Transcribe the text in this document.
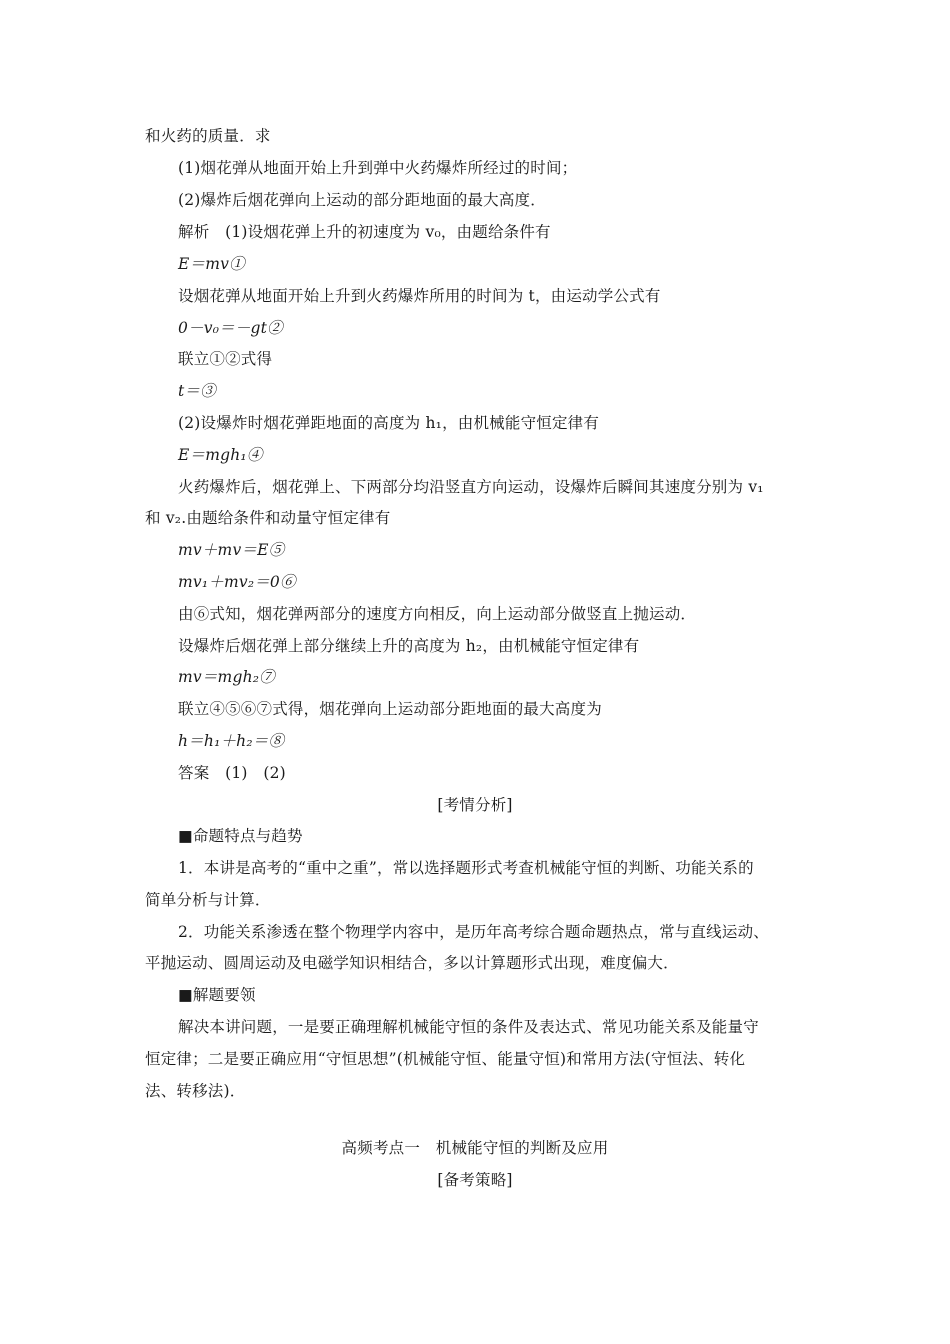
和火药的质量．求
(1)烟花弹从地面开始上升到弹中火药爆炸所经过的时间；
(2)爆炸后烟花弹向上运动的部分距地面的最大高度．
解析　(1)设烟花弹上升的初速度为 v₀，由题给条件有
E＝mv①
设烟花弹从地面开始上升到火药爆炸所用的时间为 t，由运动学公式有
0－v₀＝－gt②
联立①②式得
t＝③
(2)设爆炸时烟花弹距地面的高度为 h₁，由机械能守恒定律有
E＝mgh₁④
火药爆炸后，烟花弹上、下两部分均沿竖直方向运动，设爆炸后瞬间其速度分别为 v₁
和 v₂.由题给条件和动量守恒定律有
mv＋mv＝E⑤
mv₁＋mv₂＝0⑥
由⑥式知，烟花弹两部分的速度方向相反，向上运动部分做竖直上抛运动．
设爆炸后烟花弹上部分继续上升的高度为 h₂，由机械能守恒定律有
mv＝mgh₂⑦
联立④⑤⑥⑦式得，烟花弹向上运动部分距地面的最大高度为
h＝h₁＋h₂＝⑧
答案　(1)　(2)
[考情分析]
■命题特点与趋势
1．本讲是高考的“重中之重”，常以选择题形式考查机械能守恒的判断、功能关系的
简单分析与计算．
2．功能关系渗透在整个物理学内容中，是历年高考综合题命题热点，常与直线运动、
平抛运动、圆周运动及电磁学知识相结合，多以计算题形式出现，难度偏大．
■解题要领
解决本讲问题，一是要正确理解机械能守恒的条件及表达式、常见功能关系及能量守
恒定律；二是要正确应用“守恒思想”(机械能守恒、能量守恒)和常用方法(守恒法、转化
法、转移法)．
高频考点一　机械能守恒的判断及应用
[备考策略]
